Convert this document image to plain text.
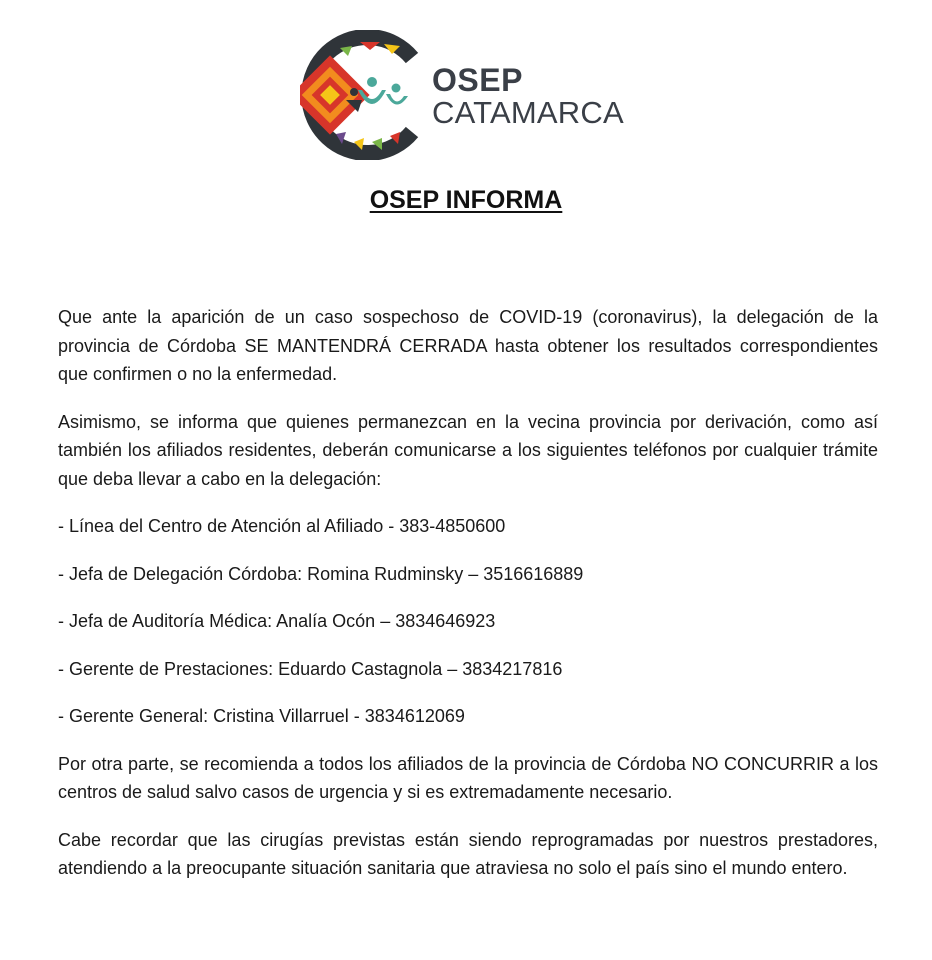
OSEP
CATAMARCA
OSEP INFORMA

Que ante la aparición de un caso sospechoso de COVID-19 (coronavirus), la delegación de la provincia de Córdoba SE MANTENDRÁ CERRADA hasta obtener los resultados correspondientes que confirmen o no la enfermedad.

Asimismo, se informa que quienes permanezcan en la vecina provincia por derivación, como así también los afiliados residentes, deberán comunicarse a los siguientes teléfonos por cualquier trámite que deba llevar a cabo en la delegación:

- Línea del Centro de Atención al Afiliado - 383-4850600

- Jefa de Delegación Córdoba: Romina Rudminsky – 3516616889

- Jefa de Auditoría Médica: Analía Ocón – 3834646923

- Gerente de Prestaciones: Eduardo Castagnola – 3834217816

- Gerente General: Cristina Villarruel - 3834612069

Por otra parte, se recomienda a todos los afiliados de la provincia de Córdoba NO CONCURRIR a los centros de salud salvo casos de urgencia y si es extremadamente necesario.

Cabe recordar que las cirugías previstas están siendo reprogramadas por nuestros prestadores, atendiendo a la preocupante situación sanitaria que atraviesa no solo el país sino el mundo entero.
